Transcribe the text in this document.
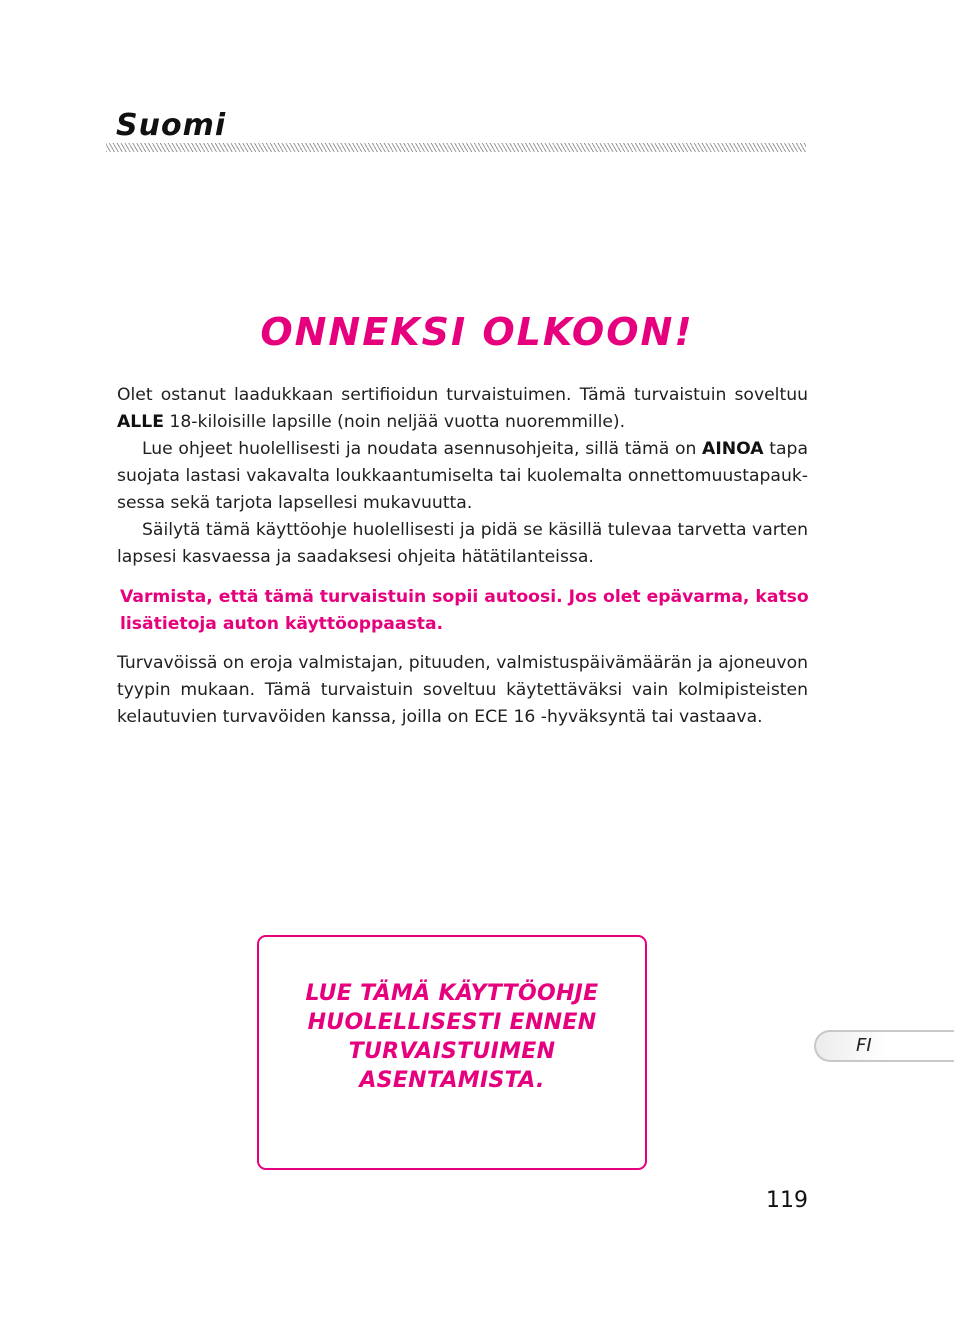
Suomi
ONNEKSI OLKOON!

Olet ostanut laadukkaan sertifioidun turvaistuimen. Tämä turvaistuin soveltuu ALLE 18-kiloisille lapsille (noin neljää vuotta nuoremmille).

Lue ohjeet huolellisesti ja noudata asennusohjeita, sillä tämä on AINOA tapa suojata lastasi vakavalta loukkaantumiselta tai kuolemalta onnettomuustapauksessa sekä tarjota lapsellesi mukavuutta.

Säilytä tämä käyttöohje huolellisesti ja pidä se käsillä tulevaa tarvetta varten lapsesi kasvaessa ja saadaksesi ohjeita hätätilanteissa.

Varmista, että tämä turvaistuin sopii autoosi. Jos olet epävarma, katso lisätietoja auton käyttöoppaasta.

Turvavöissä on eroja valmistajan, pituuden, valmistuspäivämäärän ja ajoneuvon tyypin mukaan. Tämä turvaistuin soveltuu käytettäväksi vain kolmipisteisten kelautuvien turvavöiden kanssa, joilla on ECE 16 -hyväksyntä tai vastaava.

LUE TÄMÄ KÄYTTÖOHJE HUOLELLISESTI ENNEN TURVAISTUIMEN ASENTAMISTA.

FI
119
